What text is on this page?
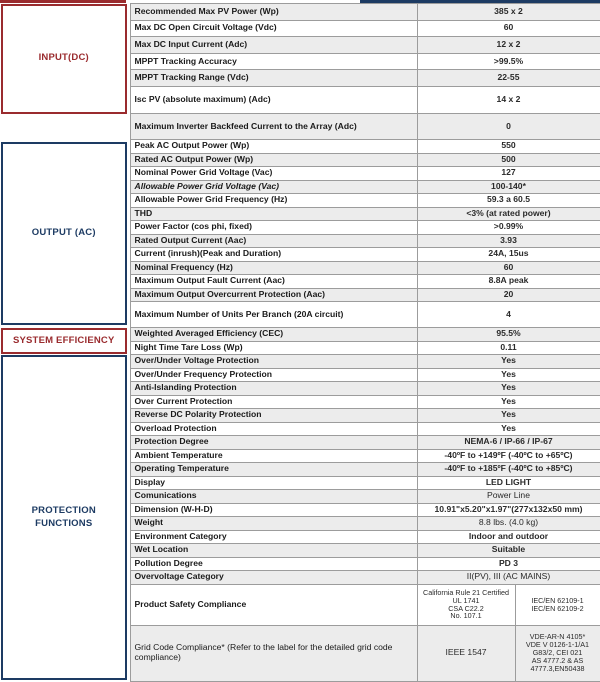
INPUT(DC)	Recommended Max PV Power (Wp)	385 x 2	
	Max DC Open Circuit Voltage (Vdc)	60	
	Max DC Input Current (Adc)	12 x 2	
	MPPT Tracking Accuracy	>99.5%	
	MPPT Tracking Range (Vdc)	22-55	
	Isc PV (absolute maximum) (Adc)	14 x 2	
	Maximum Inverter Backfeed Current to the Array (Adc)	0	

OUTPUT (AC)	Peak AC Output Power (Wp)	550	
	Rated AC Output Power (Wp)	500	
	Nominal Power Grid Voltage (Vac)	127	
	Allowable Power Grid Voltage (Vac)	100-140*	
	Allowable Power Grid Frequency (Hz)	59.3 a 60.5	
	THD	<3% (at rated power)	
	Power Factor (cos phi, fixed)	>0.99%	
	Rated Output Current (Aac)	3.93	
	Current (inrush)(Peak and Duration)	24A, 15us	
	Nominal Frequency (Hz)	60	
	Maximum Output Fault Current (Aac)	8.8A peak	
	Maximum Output Overcurrent Protection (Aac)	20	
	Maximum Number of Units Per Branch (20A circuit)	4	

SYSTEM EFFICIENCY	Weighted Averaged Efficiency (CEC)	95.5%	
	Night Time Tare Loss (Wp)	0.11	

PROTECTION FUNCTIONS	Over/Under Voltage Protection	Yes	
	Over/Under Frequency Protection	Yes	
	Anti-Islanding Protection	Yes	
	Over Current Protection	Yes	
	Reverse DC Polarity Protection	Yes	
	Overload Protection	Yes	
	Protection Degree	NEMA-6 / IP-66 / IP-67	
	Ambient Temperature	-40ºF to +149ºF (-40ºC to +65ºC)	
	Operating Temperature	-40ºF to +185ºF (-40ºC to +85ºC)	
	Display	LED LIGHT	
	Comunications	Power Line	
	Dimension (W-H-D)	10.91"x5.20"x1.97"(277x132x50 mm)	
	Weight	8.8 lbs. (4.0 kg)	
	Environment Category	Indoor and outdoor	
	Wet Location	Suitable	
	Pollution Degree	PD 3	
	Overvoltage Category	II(PV), III (AC MAINS)	
	Product Safety Compliance	California Rule 21 Certified
UL 1741
CSA C22.2
No. 107.1	IEC/EN 62109-1
IEC/EN 62109-2
	Grid Code Compliance* (Refer to the label for the detailed grid code compliance)	IEEE 1547	VDE-AR-N 4105*
VDE V 0126-1-1/A1
G83/2, CEI 021
AS 4777.2 & AS
4777.3,EN50438
